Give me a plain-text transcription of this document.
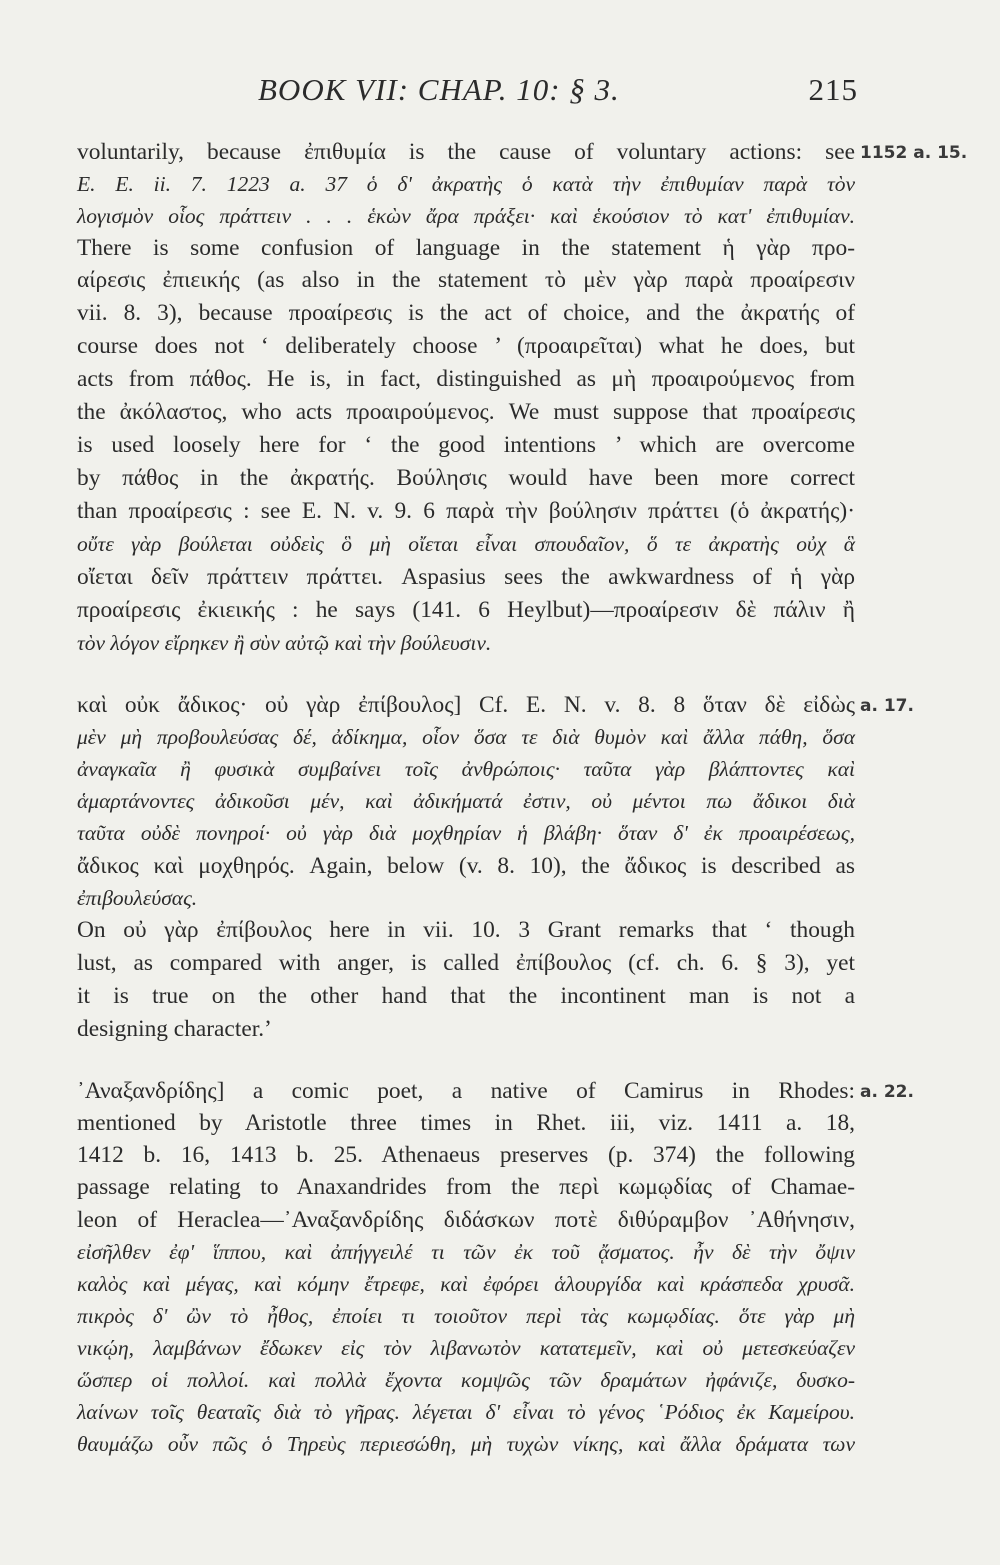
BOOK VII: CHAP. 10: § 3.	215
voluntarily, because ἐπιθυμία is the cause of voluntary actions: see 1152 a. 15.
E. E. ii. 7. 1223 a. 37 ὁ δ' ἀκρατὴς ὁ κατὰ τὴν ἐπιθυμίαν παρὰ τὸν
λογισμὸν οἷος πράττειν . . . ἑκὼν ἄρα πράξει· καὶ ἑκούσιον τὸ κατ' ἐπιθυμίαν.
There is some confusion of language in the statement ἡ γὰρ προ-
αίρεσις ἐπιεικής (as also in the statement τὸ μὲν γὰρ παρὰ προαίρεσιν
vii. 8. 3), because προαίρεσις is the act of choice, and the ἀκρατής of
course does not ‘ deliberately choose ’ (προαιρεῖται) what he does, but
acts from πάθος. He is, in fact, distinguished as μὴ προαιρούμενος from
the ἀκόλαστος, who acts προαιρούμενος. We must suppose that προαίρεσις
is used loosely here for ‘ the good intentions ’ which are overcome
by πάθος in the ἀκρατής. Βούλησις would have been more correct
than προαίρεσις : see E. N. v. 9. 6 παρὰ τὴν βούλησιν πράττει (ὁ ἀκρατής)·
οὔτε γὰρ βούλεται οὐδεὶς ὃ μὴ οἴεται εἶναι σπουδαῖον, ὅ τε ἀκρατὴς οὐχ ἃ
οἴεται δεῖν πράττειν πράττει. Aspasius sees the awkwardness of ἡ γὰρ
προαίρεσις ἐκιεικής : he says (141. 6 Heylbut)—προαίρεσιν δὲ πάλιν ἢ
τὸν λόγον εἴρηκεν ἢ σὺν αὐτῷ καὶ τὴν βούλευσιν.
καὶ οὐκ ἄδικος· οὐ γὰρ ἐπίβουλος] Cf. E. N. v. 8. 8 ὅταν δὲ εἰδὼς a. 17.
μὲν μὴ προβουλεύσας δέ, ἀδίκημα, οἷον ὅσα τε διὰ θυμὸν καὶ ἄλλα πάθη, ὅσα
ἀναγκαῖα ἢ φυσικὰ συμβαίνει τοῖς ἀνθρώποις· ταῦτα γὰρ βλάπτοντες καὶ
ἁμαρτάνοντες ἀδικοῦσι μέν, καὶ ἀδικήματά ἐστιν, οὐ μέντοι πω ἄδικοι διὰ
ταῦτα οὐδὲ πονηροί· οὐ γὰρ διὰ μοχθηρίαν ἡ βλάβη· ὅταν δ' ἐκ προαιρέσεως,
ἄδικος καὶ μοχθηρός. Again, below (v. 8. 10), the ἄδικος is described as
ἐπιβουλεύσας.
On οὐ γὰρ ἐπίβουλος here in vii. 10. 3 Grant remarks that ‘ though
lust, as compared with anger, is called ἐπίβουλος (cf. ch. 6. § 3), yet
it is true on the other hand that the incontinent man is not a
designing character.’
᾿Αναξανδρίδης] a comic poet, a native of Camirus in Rhodes: a. 22.
mentioned by Aristotle three times in Rhet. iii, viz. 1411 a. 18,
1412 b. 16, 1413 b. 25. Athenaeus preserves (p. 374) the following
passage relating to Anaxandrides from the περὶ κωμῳδίας of Chamae-
leon of Heraclea—᾿Αναξανδρίδης διδάσκων ποτὲ διθύραμβον ᾿Αθήνησιν,
εἰσῆλθεν ἐφ' ἵππου, καὶ ἀπήγγειλέ τι τῶν ἐκ τοῦ ᾄσματος. ἦν δὲ τὴν ὄψιν
καλὸς καὶ μέγας, καὶ κόμην ἔτρεφε, καὶ ἐφόρει ἁλουργίδα καὶ κράσπεδα χρυσᾶ.
πικρὸς δ' ὢν τὸ ἦθος, ἐποίει τι τοιοῦτον περὶ τὰς κωμῳδίας. ὅτε γὰρ μὴ
νικῴη, λαμβάνων ἔδωκεν εἰς τὸν λιβανωτὸν κατατεμεῖν, καὶ οὐ μετεσκεύαζεν
ὥσπερ οἱ πολλοί. καὶ πολλὰ ἔχοντα κομψῶς τῶν δραμάτων ἠφάνιζε, δυσκο-
λαίνων τοῖς θεαταῖς διὰ τὸ γῆρας. λέγεται δ' εἶναι τὸ γένος ῾Ρόδιος ἐκ Καμείρου.
θαυμάζω οὖν πῶς ὁ Τηρεὺς περιεσώθη, μὴ τυχὼν νίκης, καὶ ἄλλα δράματα των
